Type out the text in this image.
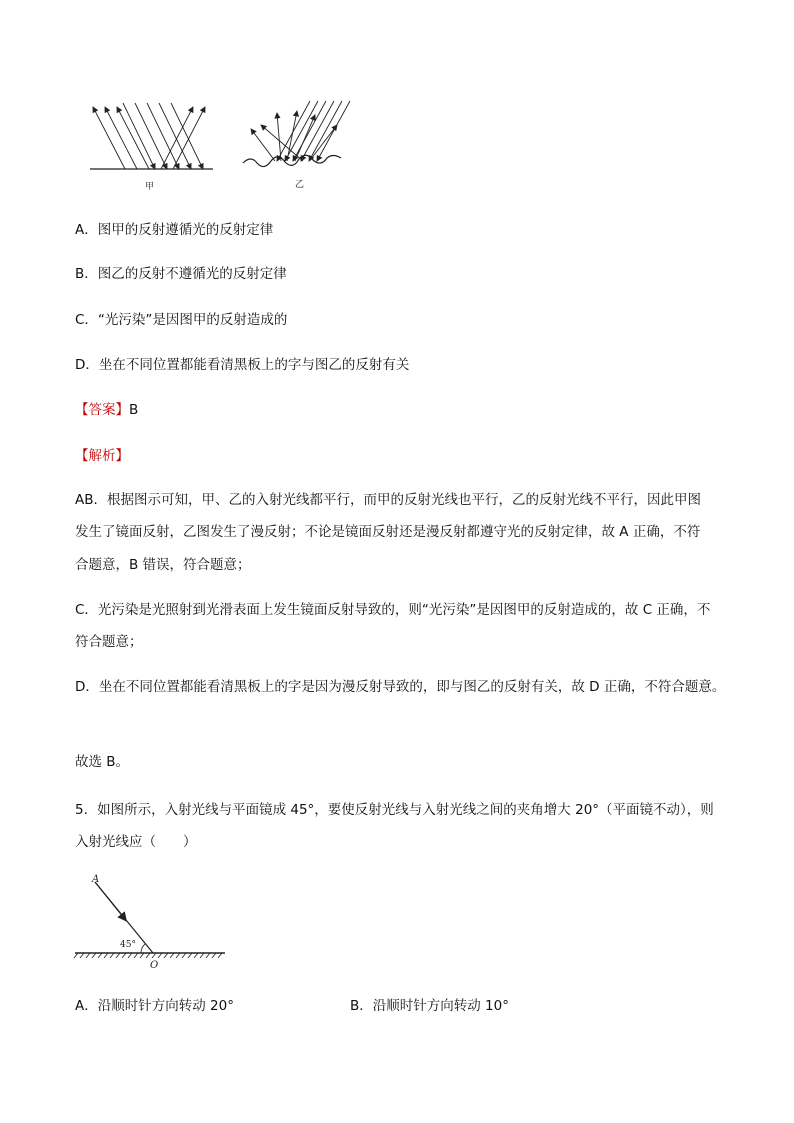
甲	乙
A．图甲的反射遵循光的反射定律
B．图乙的反射不遵循光的反射定律
C．“光污染”是因图甲的反射造成的
D．坐在不同位置都能看清黑板上的字与图乙的反射有关
【答案】B
【解析】
AB．根据图示可知，甲、乙的入射光线都平行，而甲的反射光线也平行，乙的反射光线不平行，因此甲图
发生了镜面反射，乙图发生了漫反射；不论是镜面反射还是漫反射都遵守光的反射定律，故 A 正确，不符
合题意，B 错误，符合题意；
C．光污染是光照射到光滑表面上发生镜面反射导致的，则“光污染”是因图甲的反射造成的，故 C 正确，不
符合题意；
D．坐在不同位置都能看清黑板上的字是因为漫反射导致的，即与图乙的反射有关，故 D 正确，不符合题意。
故选 B。
5．如图所示，入射光线与平面镜成 45°，要使反射光线与入射光线之间的夹角增大 20°（平面镜不动），则
入射光线应（　　）
A
45°
O
A．沿顺时针方向转动 20°	B．沿顺时针方向转动 10°
